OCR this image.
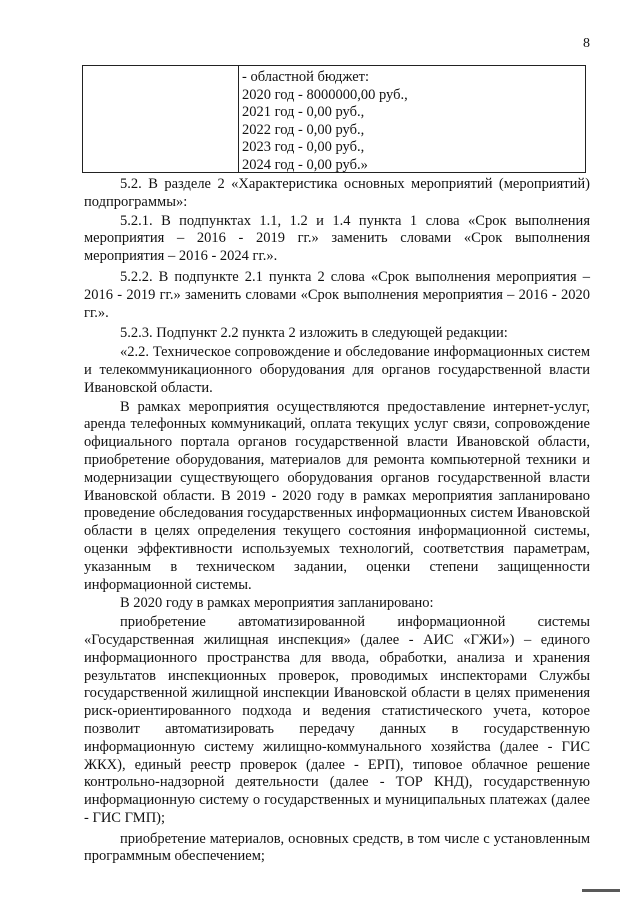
8
- областной бюджет:
2020 год - 8000000,00 руб.,
2021 год - 0,00 руб.,
2022 год - 0,00 руб.,
2023 год - 0,00 руб.,
2024 год - 0,00 руб.»

5.2. В разделе 2 «Характеристика основных мероприятий (мероприятий) подпрограммы»:

5.2.1. В подпунктах 1.1, 1.2 и 1.4 пункта 1 слова «Срок выполнения мероприятия – 2016 - 2019 гг.» заменить словами «Срок выполнения мероприятия – 2016 - 2024 гг.».

5.2.2. В подпункте 2.1 пункта 2 слова «Срок выполнения мероприятия – 2016 - 2019 гг.» заменить словами «Срок выполнения мероприятия – 2016 - 2020 гг.».

5.2.3. Подпункт 2.2 пункта 2 изложить в следующей редакции:

«2.2. Техническое сопровождение и обследование информационных систем и телекоммуникационного оборудования для органов государственной власти Ивановской области.

В рамках мероприятия осуществляются предоставление интернет-услуг, аренда телефонных коммуникаций, оплата текущих услуг связи, сопровождение официального портала органов государственной власти Ивановской области, приобретение оборудования, материалов для ремонта компьютерной техники и модернизации существующего оборудования органов государственной власти Ивановской области. В 2019 - 2020 году в рамках мероприятия запланировано проведение обследования государственных информационных систем Ивановской области в целях определения текущего состояния информационной системы, оценки эффективности используемых технологий, соответствия параметрам, указанным в техническом задании, оценки степени защищенности информационной системы.

В 2020 году в рамках мероприятия запланировано:

приобретение автоматизированной информационной системы «Государственная жилищная инспекция» (далее - АИС «ГЖИ») – единого информационного пространства для ввода, обработки, анализа и хранения результатов инспекционных проверок, проводимых инспекторами Службы государственной жилищной инспекции Ивановской области в целях применения риск-ориентированного подхода и ведения статистического учета, которое позволит автоматизировать передачу данных в государственную информационную систему жилищно-коммунального хозяйства (далее - ГИС ЖКХ), единый реестр проверок (далее - ЕРП), типовое облачное решение контрольно-надзорной деятельности (далее - ТОР КНД), государственную информационную систему о государственных и муниципальных платежах (далее - ГИС ГМП);

приобретение материалов, основных средств, в том числе с установленным программным обеспечением;
